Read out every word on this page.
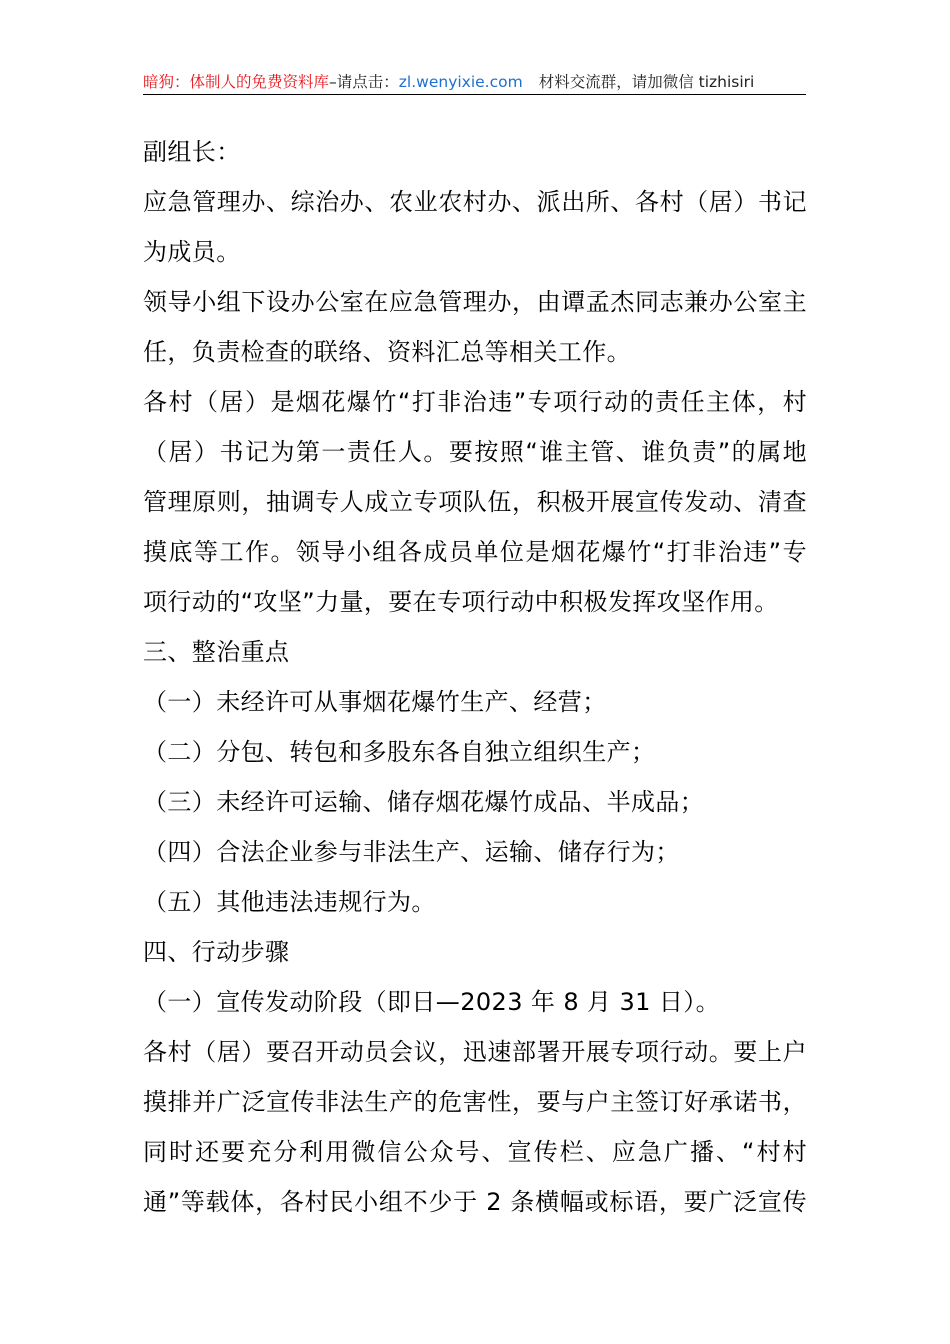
暗狗：体制人的免费资料库–请点击：zl.wenyixie.com 材料交流群，请加微信 tizhisiri
副组长：
应急管理办、综治办、农业农村办、派出所、各村（居）书记
为成员。
领导小组下设办公室在应急管理办，由谭孟杰同志兼办公室主
任，负责检查的联络、资料汇总等相关工作。
各村（居）是烟花爆竹“打非治违”专项行动的责任主体，村
（居）书记为第一责任人。要按照“谁主管、谁负责”的属地
管理原则，抽调专人成立专项队伍，积极开展宣传发动、清查
摸底等工作。领导小组各成员单位是烟花爆竹“打非治违”专
项行动的“攻坚”力量，要在专项行动中积极发挥攻坚作用。
三、整治重点
（一）未经许可从事烟花爆竹生产、经营；
（二）分包、转包和多股东各自独立组织生产；
（三）未经许可运输、储存烟花爆竹成品、半成品；
（四）合法企业参与非法生产、运输、储存行为；
（五）其他违法违规行为。
四、行动步骤
（一）宣传发动阶段（即日—2023 年 8 月 31 日）。
各村（居）要召开动员会议，迅速部署开展专项行动。要上户
摸排并广泛宣传非法生产的危害性，要与户主签订好承诺书，
同时还要充分利用微信公众号、宣传栏、应急广播、“村村
通”等载体，各村民小组不少于 2 条横幅或标语，要广泛宣传
